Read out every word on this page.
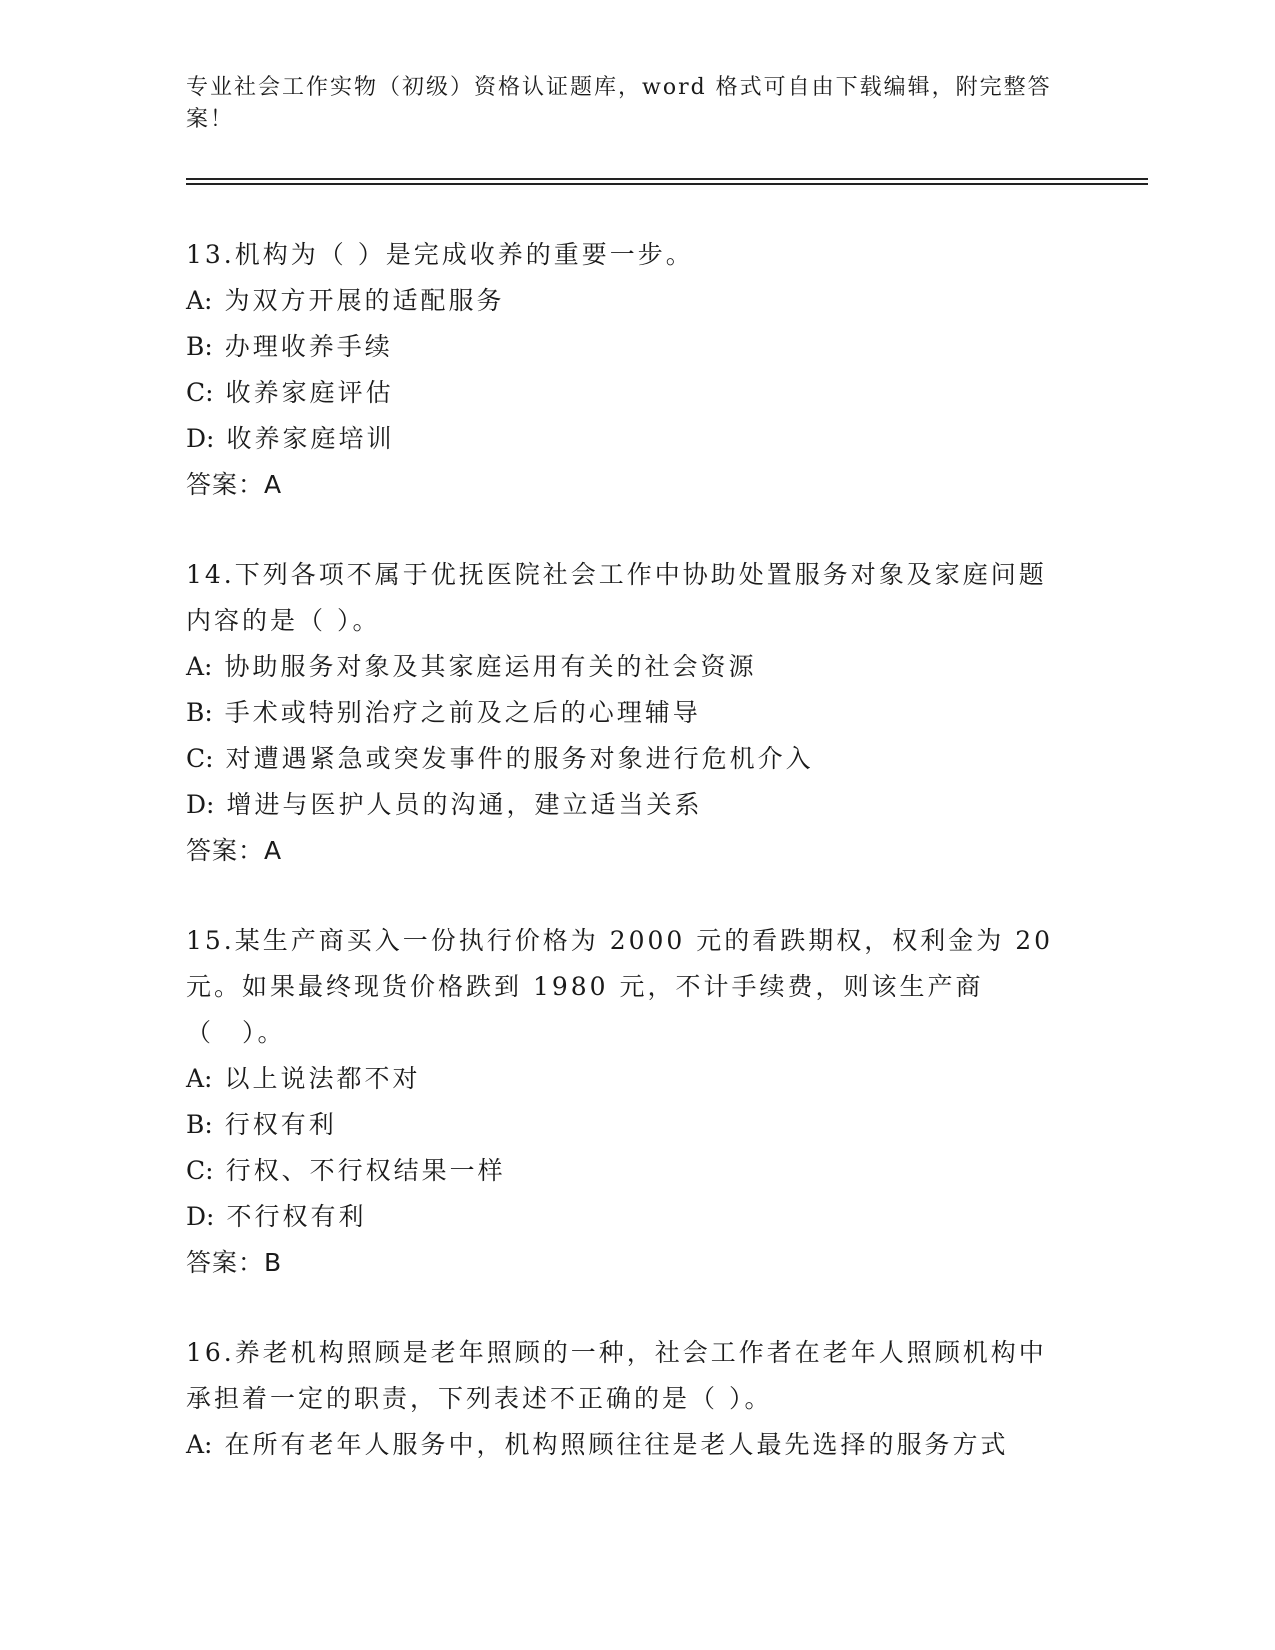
专业社会工作实物（初级）资格认证题库，word 格式可自由下载编辑，附完整答案！

13.机构为（ ）是完成收养的重要一步。

A: 为双方开展的适配服务

B: 办理收养手续

C: 收养家庭评估

D: 收养家庭培训

答案：A

14.下列各项不属于优抚医院社会工作中协助处置服务对象及家庭问题内容的是（ ）。

A: 协助服务对象及其家庭运用有关的社会资源

B: 手术或特别治疗之前及之后的心理辅导

C: 对遭遇紧急或突发事件的服务对象进行危机介入

D: 增进与医护人员的沟通，建立适当关系

答案：A

15.某生产商买入一份执行价格为 2000 元的看跌期权，权利金为 20 元。如果最终现货价格跌到 1980 元，不计手续费，则该生产商（　）。

A: 以上说法都不对

B: 行权有利

C: 行权、不行权结果一样

D: 不行权有利

答案：B

16.养老机构照顾是老年照顾的一种，社会工作者在老年人照顾机构中承担着一定的职责，下列表述不正确的是（ ）。

A: 在所有老年人服务中，机构照顾往往是老人最先选择的服务方式
